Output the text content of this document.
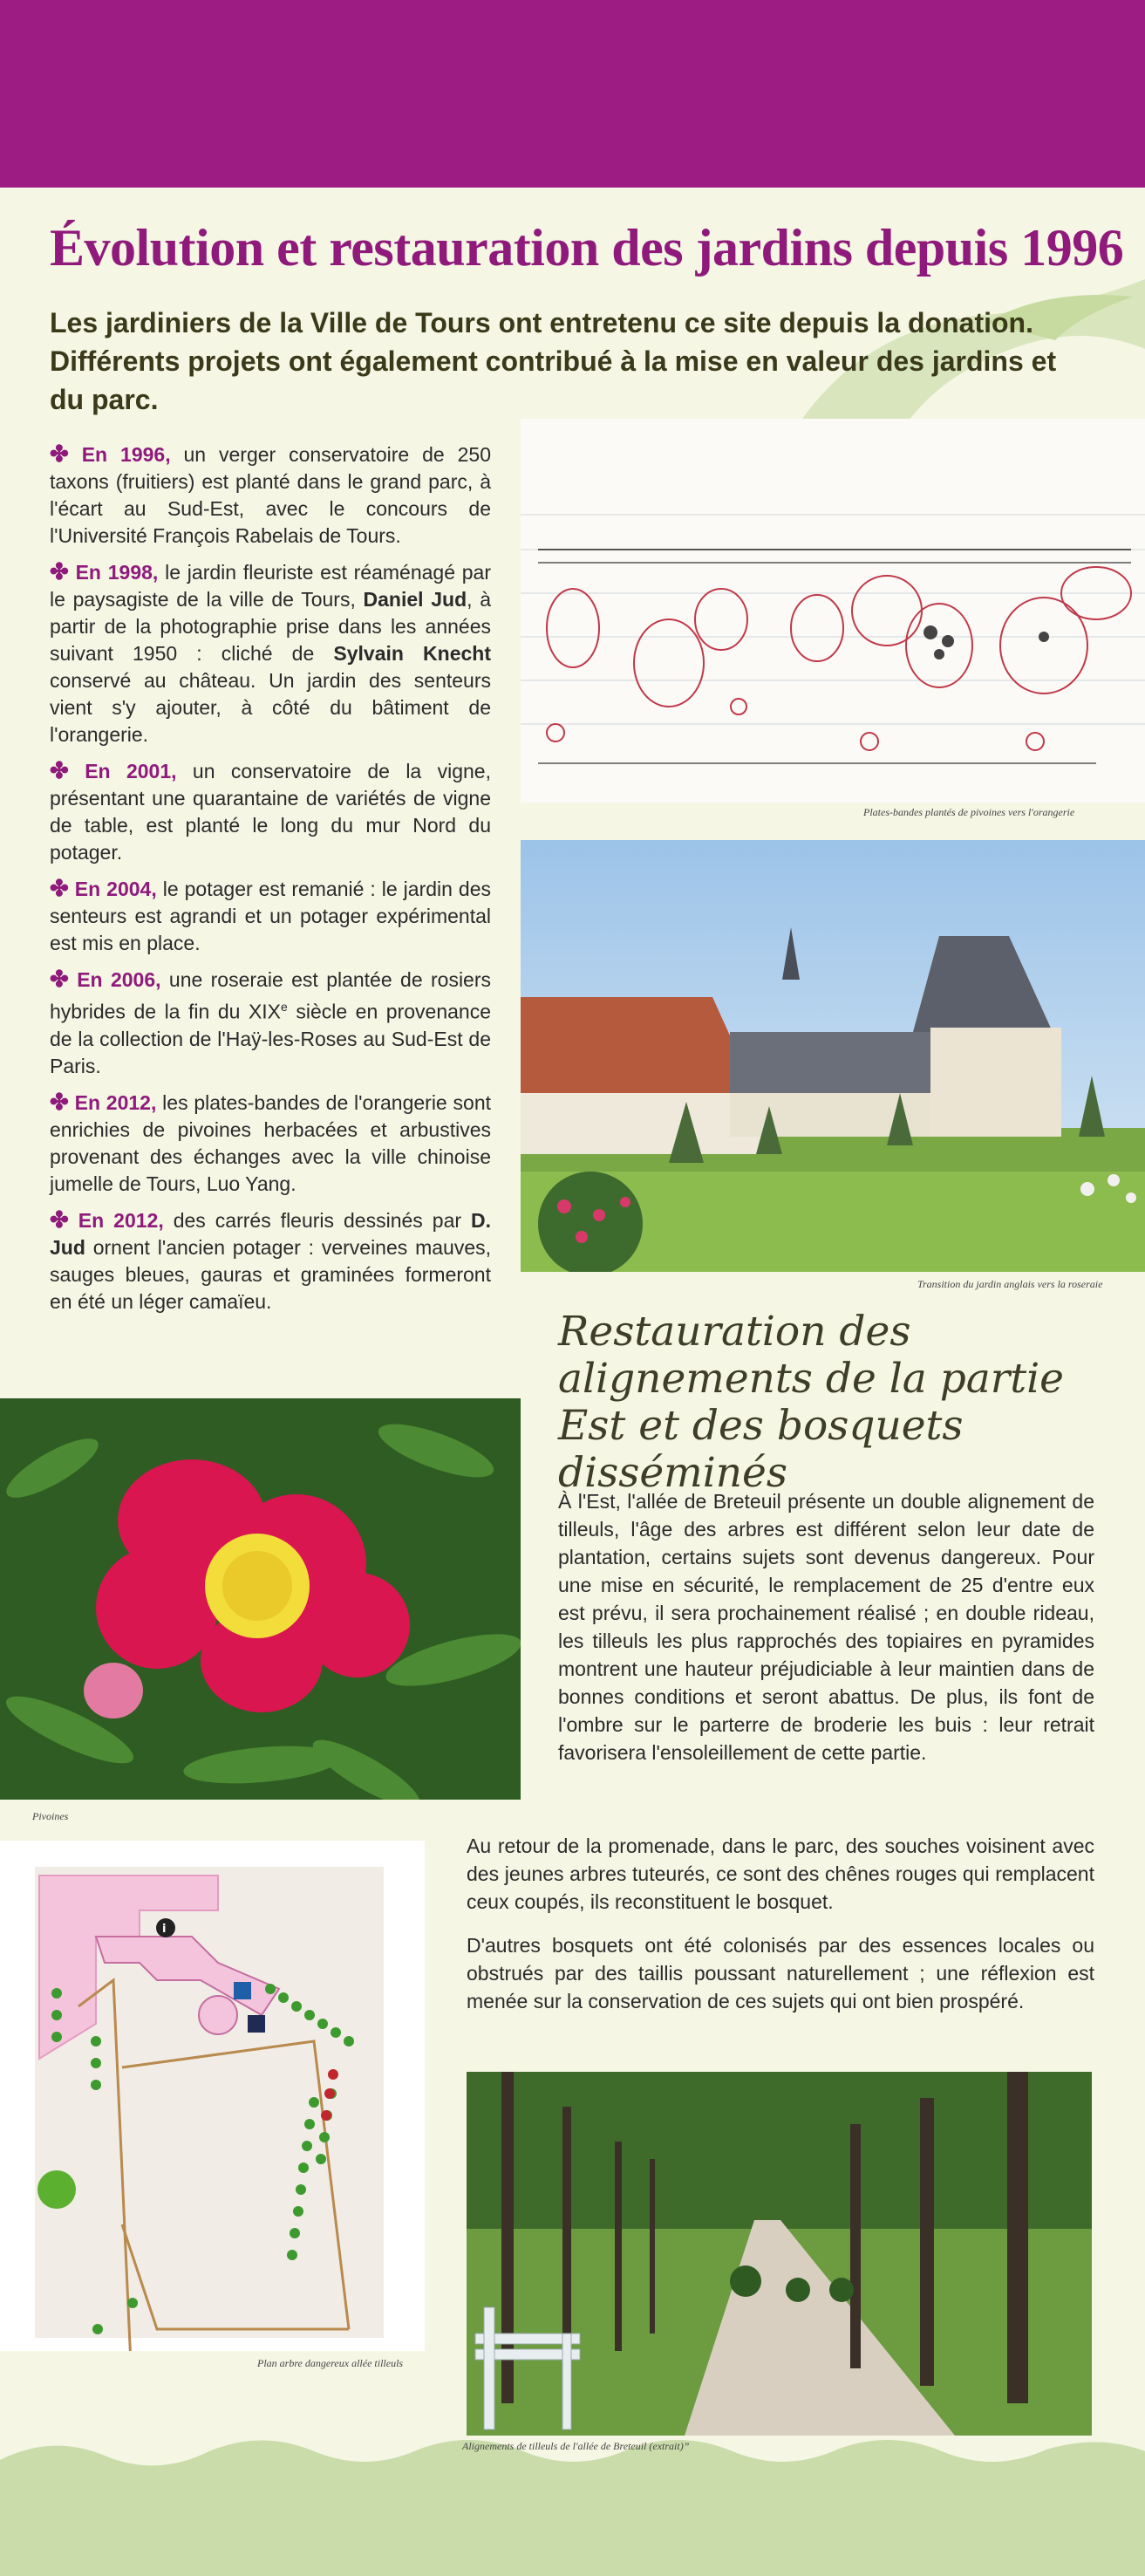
Évolution et restauration des jardins depuis 1996
Les jardiniers de la Ville de Tours ont entretenu ce site depuis la donation. Différents projets ont également contribué à la mise en valeur des jardins et du parc.

✤ En 1996, un verger conservatoire de 250 taxons (fruitiers) est planté dans le grand parc, à l'écart au Sud-Est, avec le concours de l'Université François Rabelais de Tours.

✤ En 1998, le jardin fleuriste est réaménagé par le paysagiste de la ville de Tours, Daniel Jud, à partir de la photographie prise dans les années suivant 1950 : cliché de Sylvain Knecht conservé au château. Un jardin des senteurs vient s'y ajouter, à côté du bâtiment de l'orangerie.

✤ En 2001, un conservatoire de la vigne, présentant une quarantaine de variétés de vigne de table, est planté le long du mur Nord du potager.

✤ En 2004, le potager est remanié : le jardin des senteurs est agrandi et un potager expérimental est mis en place.

✤ En 2006, une roseraie est plantée de rosiers hybrides de la fin du XIXe siècle en provenance de la collection de l'Haÿ-les-Roses au Sud-Est de Paris.

✤ En 2012, les plates-bandes de l'orangerie sont enrichies de pivoines herbacées et arbustives provenant des échanges avec la ville chinoise jumelle de Tours, Luo Yang.

✤ En 2012, des carrés fleuris dessinés par D. Jud ornent l'ancien potager : verveines mauves, sauges bleues, gauras et graminées formeront en été un léger camaïeu.

Plates-bandes plantés de pivoines vers l'orangerie
Transition du jardin anglais vers la roseraie
Restauration des alignements de la partie Est et des bosquets disséminés

À l'Est, l'allée de Breteuil présente un double alignement de tilleuls, l'âge des arbres est différent selon leur date de plantation, certains sujets sont devenus dangereux. Pour une mise en sécurité, le remplacement de 25 d'entre eux est prévu, il sera prochainement réalisé ; en double rideau, les tilleuls les plus rapprochés des topiaires en pyramides montrent une hauteur préjudiciable à leur maintien dans de bonnes conditions et seront abattus. De plus, ils font de l'ombre sur le parterre de broderie les buis : leur retrait favorisera l'ensoleillement de cette partie.

Pivoines
i
Plan arbre dangereux allée tilleuls

Au retour de la promenade, dans le parc, des souches voisinent avec des jeunes arbres tuteurés, ce sont des chênes rouges qui remplacent ceux coupés, ils reconstituent le bosquet.

D'autres bosquets ont été colonisés par des essences locales ou obstrués par des taillis poussant naturellement ; une réflexion est menée sur la conservation de ces sujets qui ont bien prospéré.

Alignements de tilleuls de l'allée de Breteuil (extrait)”
